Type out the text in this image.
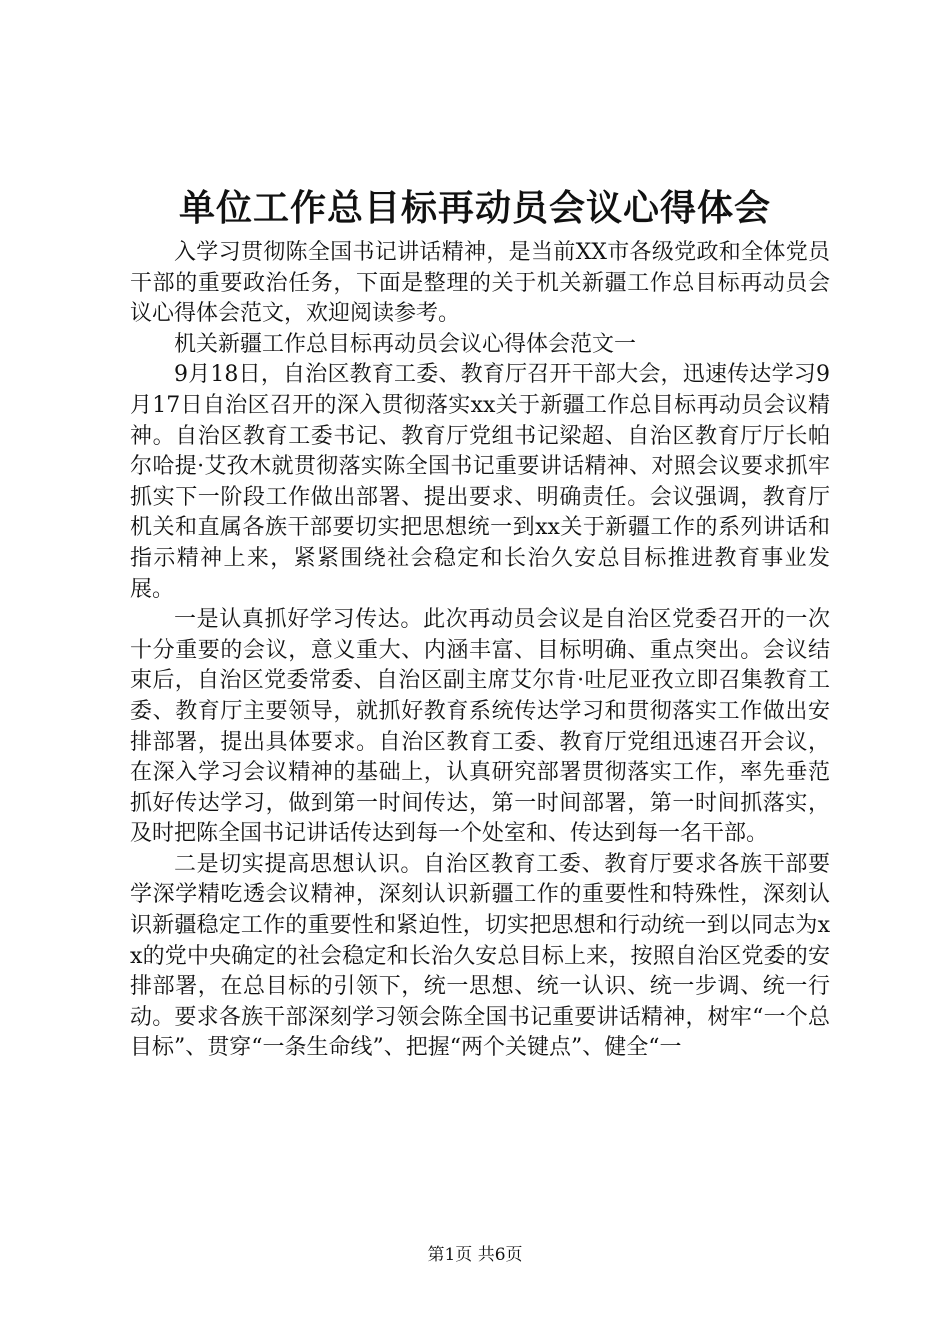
单位工作总目标再动员会议心得体会

入学习贯彻陈全国书记讲话精神，是当前XX市各级党政和全体党员干部的重要政治任务，下面是整理的关于机关新疆工作总目标再动员会议心得体会范文，欢迎阅读参考。

机关新疆工作总目标再动员会议心得体会范文一

9月18日，自治区教育工委、教育厅召开干部大会，迅速传达学习9月17日自治区召开的深入贯彻落实xx关于新疆工作总目标再动员会议精神。自治区教育工委书记、教育厅党组书记梁超、自治区教育厅厅长帕尔哈提·艾孜木就贯彻落实陈全国书记重要讲话精神、对照会议要求抓牢抓实下一阶段工作做出部署、提出要求、明确责任。会议强调，教育厅机关和直属各族干部要切实把思想统一到xx关于新疆工作的系列讲话和指示精神上来，紧紧围绕社会稳定和长治久安总目标推进教育事业发展。

一是认真抓好学习传达。此次再动员会议是自治区党委召开的一次十分重要的会议，意义重大、内涵丰富、目标明确、重点突出。会议结束后，自治区党委常委、自治区副主席艾尔肯·吐尼亚孜立即召集教育工委、教育厅主要领导，就抓好教育系统传达学习和贯彻落实工作做出安排部署，提出具体要求。自治区教育工委、教育厅党组迅速召开会议，在深入学习会议精神的基础上，认真研究部署贯彻落实工作，率先垂范抓好传达学习，做到第一时间传达，第一时间部署，第一时间抓落实，及时把陈全国书记讲话传达到每一个处室和、传达到每一名干部。

二是切实提高思想认识。自治区教育工委、教育厅要求各族干部要学深学精吃透会议精神，深刻认识新疆工作的重要性和特殊性，深刻认识新疆稳定工作的重要性和紧迫性，切实把思想和行动统一到以同志为xx的党中央确定的社会稳定和长治久安总目标上来，按照自治区党委的安排部署，在总目标的引领下，统一思想、统一认识、统一步调、统一行动。要求各族干部深刻学习领会陈全国书记重要讲话精神，树牢“一个总目标”、贯穿“一条生命线”、把握“两个关键点”、健全“一

第1页 共6页
